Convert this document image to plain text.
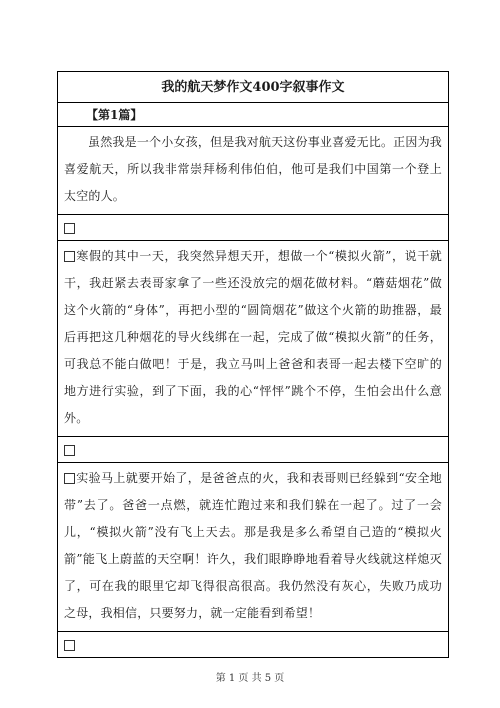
我的航天梦作文400字叙事作文
【第1篇】
虽然我是一个小女孩，但是我对航天这份事业喜爱无比。正因为我喜爱航天，所以我非常崇拜杨利伟伯伯，他可是我们中国第一个登上太空的人。
寒假的其中一天，我突然异想天开，想做一个“模拟火箭”，说干就干，我赶紧去表哥家拿了一些还没放完的烟花做材料。“蘑菇烟花”做这个火箭的“身体”，再把小型的“圆筒烟花”做这个火箭的助推器，最后再把这几种烟花的导火线绑在一起，完成了做“模拟火箭”的任务，可我总不能白做吧！于是，我立马叫上爸爸和表哥一起去楼下空旷的地方进行实验，到了下面，我的心“怦怦”跳个不停，生怕会出什么意外。
实验马上就要开始了，是爸爸点的火，我和表哥则已经躲到“安全地带”去了。爸爸一点燃，就连忙跑过来和我们躲在一起了。过了一会儿，“模拟火箭”没有飞上天去。那是我是多么希望自己造的“模拟火箭”能飞上蔚蓝的天空啊！许久，我们眼睁睁地看着导火线就这样熄灭了，可在我的眼里它却飞得很高很高。我仍然没有灰心，失败乃成功之母，我相信，只要努力，就一定能看到希望！
第 1 页 共 5 页
